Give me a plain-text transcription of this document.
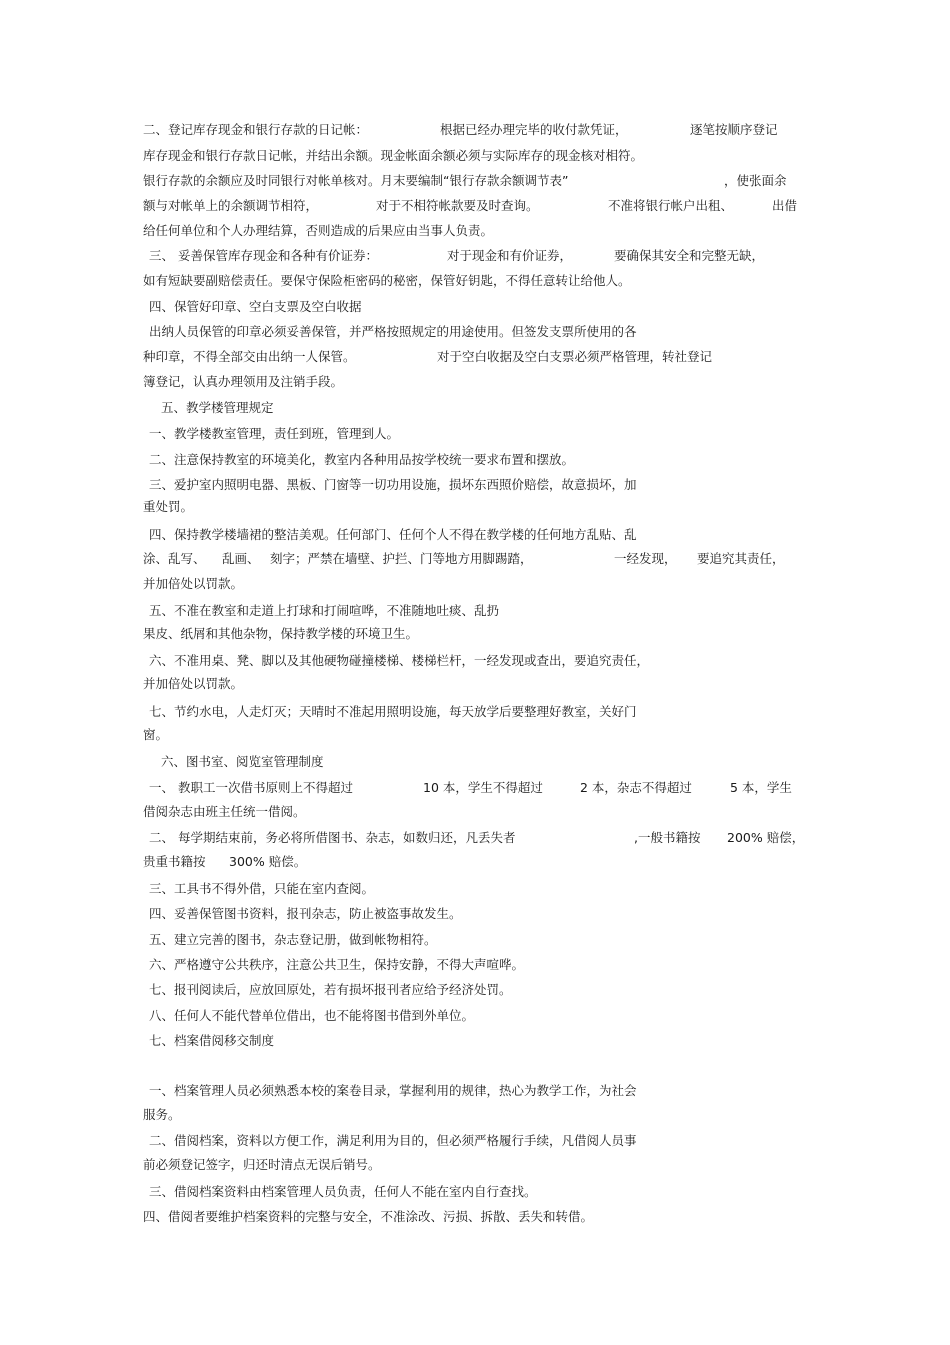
二、登记库存现金和银行存款的日记帐：	根据已经办理完毕的收付款凭证，	逐笔按顺序登记
库存现金和银行存款日记帐，并结出余额。现金帐面余额必须与实际库存的现金核对相符。
银行存款的余额应及时同银行对帐单核对。月末要编制“银行存款余额调节表”	，使张面余
额与对帐单上的余额调节相符，	对于不相符帐款要及时查询。	不准将银行帐户出租、	出借
给任何单位和个人办理结算，否则造成的后果应由当事人负责。
三、 妥善保管库存现金和各种有价证券：	对于现金和有价证券，	要确保其安全和完整无缺，
如有短缺要副赔偿责任。要保守保险柜密码的秘密，保管好钥匙，不得任意转让给他人。
四、保管好印章、空白支票及空白收据
出纳人员保管的印章必须妥善保管，并严格按照规定的用途使用。但签发支票所使用的各
种印章，不得全部交由出纳一人保管。	对于空白收据及空白支票必须严格管理，转社登记
簿登记，认真办理领用及注销手段。
五、教学楼管理规定
一、教学楼教室管理，责任到班，管理到人。
二、注意保持教室的环境美化，教室内各种用品按学校统一要求布置和摆放。
三、爱护室内照明电器、黑板、门窗等一切功用设施，损坏东西照价赔偿，故意损坏，加
重处罚。
四、保持教学楼墙裙的整洁美观。任何部门、任何个人不得在教学楼的任何地方乱贴、乱
涂、乱写、 乱画、 刻字；严禁在墙壁、护拦、门等地方用脚踢踏，	一经发现， 要追究其责任，
并加倍处以罚款。
五、不准在教室和走道上打球和打闹喧哗，不准随地吐痰、乱扔
果皮、纸屑和其他杂物，保持教学楼的环境卫生。
六、不准用桌、凳、脚以及其他硬物碰撞楼梯、楼梯栏杆，一经发现或查出，要追究责任，
并加倍处以罚款。
七、节约水电，人走灯灭；天晴时不准起用照明设施，每天放学后要整理好教室，关好门
窗。
六、图书室、阅览室管理制度
一、 教职工一次借书原则上不得超过	10 本，学生不得超过	2 本，杂志不得超过	5 本，学生
借阅杂志由班主任统一借阅。
二、 每学期结束前，务必将所借图书、杂志，如数归还，凡丢失者	,一般书籍按 200% 赔偿，
贵重书籍按 300% 赔偿。
三、工具书不得外借，只能在室内查阅。
四、妥善保管图书资料，报刊杂志，防止被盗事故发生。
五、建立完善的图书，杂志登记册，做到帐物相符。
六、严格遵守公共秩序，注意公共卫生，保持安静，不得大声喧哗。
七、报刊阅读后，应放回原处，若有损坏报刊者应给予经济处罚。
八、任何人不能代替单位借出，也不能将图书借到外单位。
七、档案借阅移交制度
一、档案管理人员必须熟悉本校的案卷目录，掌握利用的规律，热心为教学工作，为社会
服务。
二、借阅档案，资料以方便工作，满足利用为目的，但必须严格履行手续，凡借阅人员事
前必须登记签字，归还时清点无误后销号。
三、借阅档案资料由档案管理人员负责，任何人不能在室内自行查找。
四、借阅者要维护档案资料的完整与安全，不准涂改、污损、拆散、丢失和转借。
